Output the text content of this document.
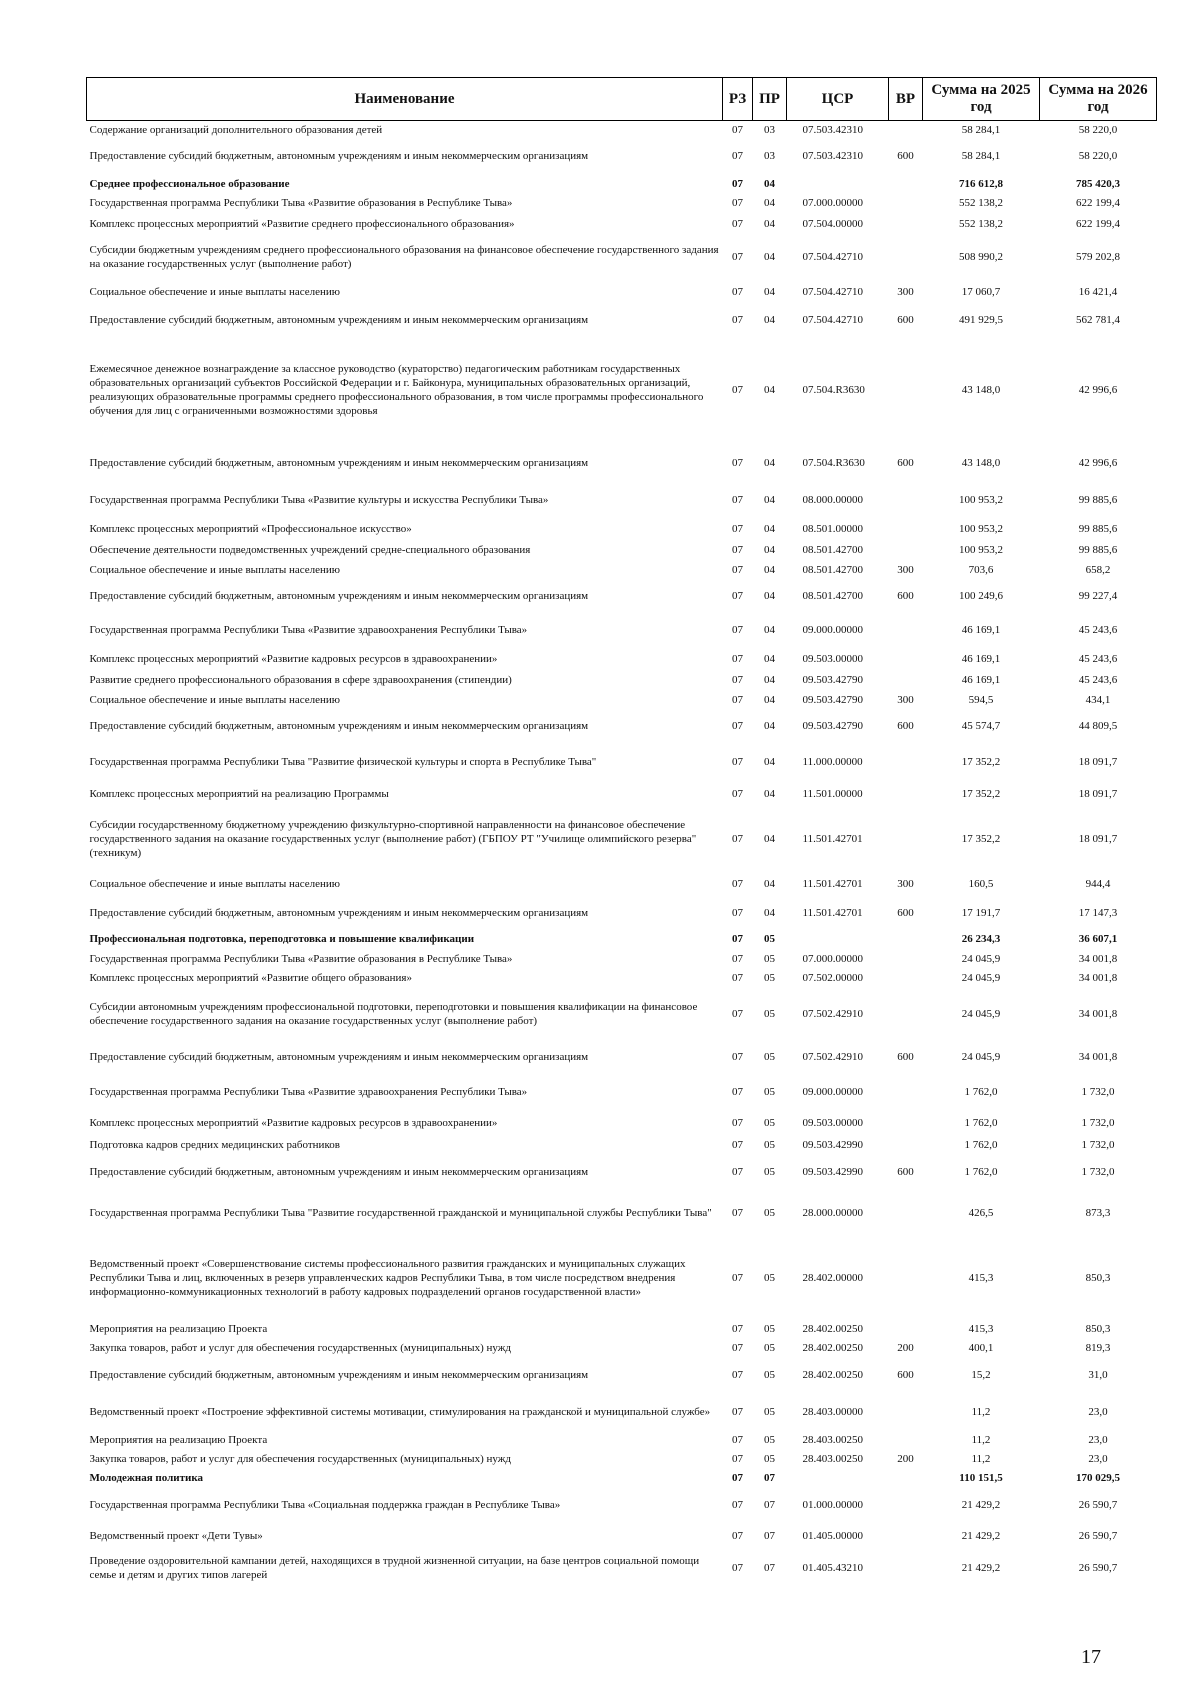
Наименование	РЗ	ПР	ЦСР	ВР	Сумма на 2025 год	Сумма на 2026 год
Содержание организаций дополнительного образования детей	07	03	07.503.42310		58 284,1	58 220,0
Предоставление субсидий бюджетным, автономным учреждениям и иным некоммерческим организациям	07	03	07.503.42310	600	58 284,1	58 220,0
Среднее профессиональное образование	07	04			716 612,8	785 420,3
Государственная программа Республики Тыва «Развитие образования в Республике Тыва»	07	04	07.000.00000		552 138,2	622 199,4
Комплекс процессных мероприятий «Развитие среднего профессионального образования»	07	04	07.504.00000		552 138,2	622 199,4
Субсидии бюджетным учреждениям среднего профессионального образования на финансовое обеспечение государственного задания на оказание государственных услуг (выполнение работ)	07	04	07.504.42710		508 990,2	579 202,8
Социальное обеспечение и иные выплаты населению	07	04	07.504.42710	300	17 060,7	16 421,4
Предоставление субсидий бюджетным, автономным учреждениям и иным некоммерческим организациям	07	04	07.504.42710	600	491 929,5	562 781,4
Ежемесячное денежное вознаграждение за классное руководство (кураторство) педагогическим работникам государственных образовательных организаций субъектов Российской Федерации и г. Байконура, муниципальных образовательных организаций, реализующих образовательные программы среднего профессионального образования, в том числе программы профессионального обучения для лиц с ограниченными возможностями здоровья	07	04	07.504.R3630		43 148,0	42 996,6
Предоставление субсидий бюджетным, автономным учреждениям и иным некоммерческим организациям	07	04	07.504.R3630	600	43 148,0	42 996,6
Государственная программа Республики Тыва «Развитие культуры и искусства Республики Тыва»	07	04	08.000.00000		100 953,2	99 885,6
Комплекс процессных мероприятий «Профессиональное искусство»	07	04	08.501.00000		100 953,2	99 885,6
Обеспечение деятельности подведомственных учреждений средне-специального образования	07	04	08.501.42700		100 953,2	99 885,6
Социальное обеспечение и иные выплаты населению	07	04	08.501.42700	300	703,6	658,2
Предоставление субсидий бюджетным, автономным учреждениям и иным некоммерческим организациям	07	04	08.501.42700	600	100 249,6	99 227,4
Государственная программа Республики Тыва «Развитие здравоохранения Республики Тыва»	07	04	09.000.00000		46 169,1	45 243,6
Комплекс процессных мероприятий «Развитие кадровых ресурсов в здравоохранении»	07	04	09.503.00000		46 169,1	45 243,6
Развитие среднего профессионального образования в сфере здравоохранения (стипендии)	07	04	09.503.42790		46 169,1	45 243,6
Социальное обеспечение и иные выплаты населению	07	04	09.503.42790	300	594,5	434,1
Предоставление субсидий бюджетным, автономным учреждениям и иным некоммерческим организациям	07	04	09.503.42790	600	45 574,7	44 809,5
Государственная программа Республики Тыва "Развитие физической культуры и спорта в Республике Тыва"	07	04	11.000.00000		17 352,2	18 091,7
Комплекс процессных мероприятий на реализацию Программы	07	04	11.501.00000		17 352,2	18 091,7
Субсидии государственному бюджетному учреждению физкультурно-спортивной направленности на финансовое обеспечение государственного задания на оказание государственных услуг (выполнение работ) (ГБПОУ РТ "Училище олимпийского резерва" (техникум)	07	04	11.501.42701		17 352,2	18 091,7
Социальное обеспечение и иные выплаты населению	07	04	11.501.42701	300	160,5	944,4
Предоставление субсидий бюджетным, автономным учреждениям и иным некоммерческим организациям	07	04	11.501.42701	600	17 191,7	17 147,3
Профессиональная подготовка, переподготовка и повышение квалификации	07	05			26 234,3	36 607,1
Государственная программа Республики Тыва «Развитие образования в Республике Тыва»	07	05	07.000.00000		24 045,9	34 001,8
Комплекс процессных мероприятий «Развитие общего образования»	07	05	07.502.00000		24 045,9	34 001,8
Субсидии автономным учреждениям профессиональной подготовки, переподготовки и повышения квалификации на финансовое обеспечение государственного задания на оказание государственных услуг (выполнение работ)	07	05	07.502.42910		24 045,9	34 001,8
Предоставление субсидий бюджетным, автономным учреждениям и иным некоммерческим организациям	07	05	07.502.42910	600	24 045,9	34 001,8
Государственная программа Республики Тыва «Развитие здравоохранения Республики Тыва»	07	05	09.000.00000		1 762,0	1 732,0
Комплекс процессных мероприятий «Развитие кадровых ресурсов в здравоохранении»	07	05	09.503.00000		1 762,0	1 732,0
Подготовка кадров средних медицинских работников	07	05	09.503.42990		1 762,0	1 732,0
Предоставление субсидий бюджетным, автономным учреждениям и иным некоммерческим организациям	07	05	09.503.42990	600	1 762,0	1 732,0
Государственная программа Республики Тыва "Развитие государственной гражданской и муниципальной службы Республики Тыва"	07	05	28.000.00000		426,5	873,3
Ведомственный проект «Совершенствование системы профессионального развития гражданских и муниципальных служащих Республики Тыва и лиц, включенных в резерв управленческих кадров Республики Тыва, в том числе посредством внедрения информационно-коммуникационных технологий в работу кадровых подразделений органов государственной власти»	07	05	28.402.00000		415,3	850,3
Мероприятия на реализацию Проекта	07	05	28.402.00250		415,3	850,3
Закупка товаров, работ и услуг для обеспечения государственных (муниципальных) нужд	07	05	28.402.00250	200	400,1	819,3
Предоставление субсидий бюджетным, автономным учреждениям и иным некоммерческим организациям	07	05	28.402.00250	600	15,2	31,0
Ведомственный проект «Построение эффективной системы мотивации, стимулирования на гражданской и муниципальной службе»	07	05	28.403.00000		11,2	23,0
Мероприятия на реализацию Проекта	07	05	28.403.00250		11,2	23,0
Закупка товаров, работ и услуг для обеспечения государственных (муниципальных) нужд	07	05	28.403.00250	200	11,2	23,0
Молодежная политика	07	07			110 151,5	170 029,5
Государственная программа Республики Тыва «Социальная поддержка граждан в Республике Тыва»	07	07	01.000.00000		21 429,2	26 590,7
Ведомственный проект «Дети Тувы»	07	07	01.405.00000		21 429,2	26 590,7
Проведение оздоровительной кампании детей, находящихся в трудной жизненной ситуации, на базе центров социальной помощи семье и детям и других типов лагерей	07	07	01.405.43210		21 429,2	26 590,7
17
